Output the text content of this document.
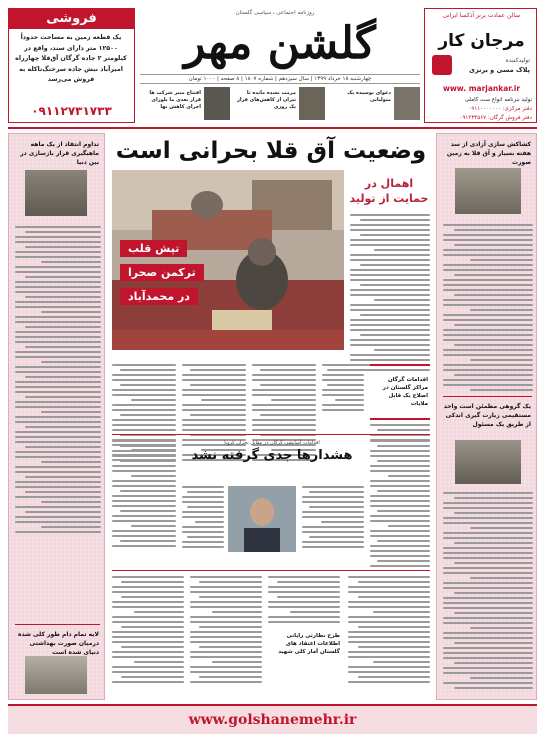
سالن عمادت برنز آذکسا ایرانی
مرجان کار
تولیدکننده
پلاک مسی و برنزی
www. marjankar.ir
تولید بنرنامه انواع ست کاملی
دفتر مرکزی: ۰۹۱۱۰۰۰۰۰۰۰
دفتر فروش گرگان: ۰۹۱۲۳۴۵۶۷
فروشی
یک قطعه زمین به مساحت حدوداً ۱۲۵۰۰ متر دارای سند، واقع در کیلومتر ۲ جاده گرگان آق‌قلا چهارراه امیرآباد نبش جاده سرخنگ‌ناکله به فروش می‌رسد
۰۹۱۱۲۷۳۱۷۳۳
روزنامه اجتماعی ـ سیاسی گلستان
گلشن مهر
چهارشنبه ۱۸ خرداد ۱۳۹۹ | سال سیزدهم | شماره ۱۸۰۷ | ۸ صفحه | ۱۰۰۰ تومان
افتتاح منبر شرکت ها قرار بعدی ما بلورای اجرای کاهش نها
مرمت نشده مانده نا تیران از کاهش‌های قرار یک روزی
دعوای بوسیده یک متولیانی
تداوم انتقاد از یک ماهه ماهیگیری قرار بازسازی در بین دنیا
لایه تمام دام طور کلی شده درمیان صورت بهداشتی دنیای شده است
کشاکش سازی آزادی از سد هفته بسیار و آق قلا به زمین صورت
یک گروهی مطمئن است واحد مستقیمی زیارت گیری اندکی از طریق یک مسئول
وضعیت آق قلا بحرانی است
تپش قلب
ترکمن صحرا
در محمدآباد
اهمال در حمایت از تولید
اقدامات گرگان مراکز گلستان در اصلاح یک قابل ملایات
اقدامات آسایشی گرگان در مقابل بحران کرونا
هشدارها جدی گرفته نشد
طرح نظارتی رایانی اطلاعات اعتقاد های گلستان آمار کلی شهید
www.golshanemehr.ir
